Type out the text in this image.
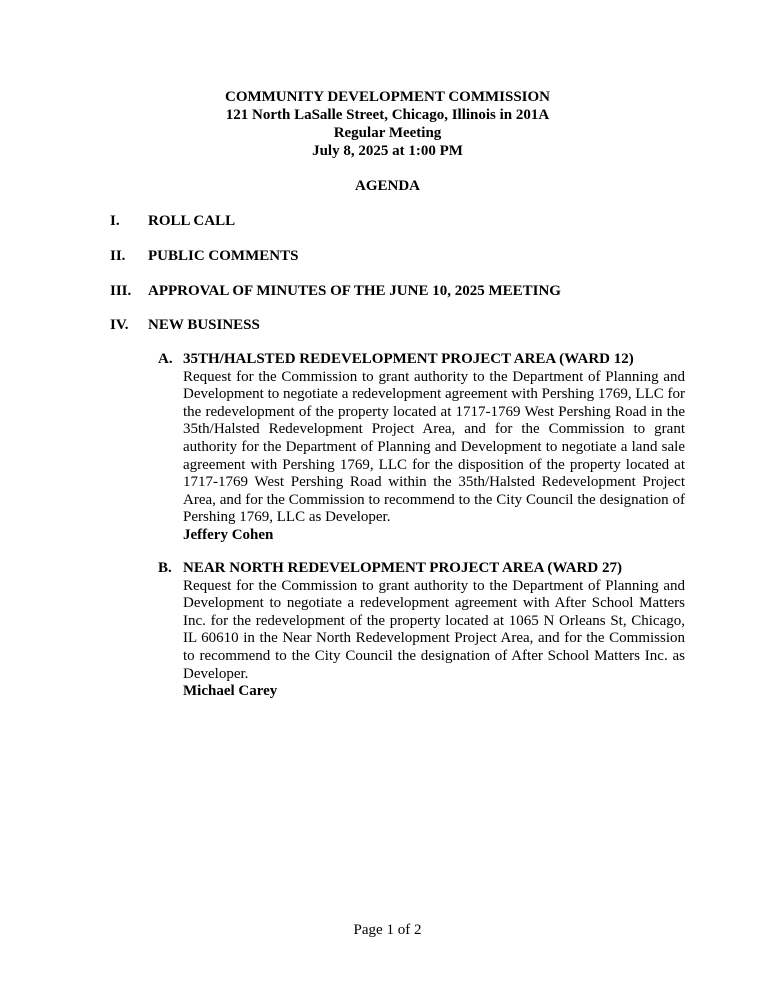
COMMUNITY DEVELOPMENT COMMISSION
121 North LaSalle Street, Chicago, Illinois in 201A
Regular Meeting
July 8, 2025 at 1:00 PM
AGENDA
I. ROLL CALL
II. PUBLIC COMMENTS
III. APPROVAL OF MINUTES OF THE JUNE 10, 2025 MEETING
IV. NEW BUSINESS
A. 35TH/HALSTED REDEVELOPMENT PROJECT AREA (WARD 12)
Request for the Commission to grant authority to the Department of Planning and Development to negotiate a redevelopment agreement with Pershing 1769, LLC for the redevelopment of the property located at 1717-1769 West Pershing Road in the 35th/Halsted Redevelopment Project Area, and for the Commission to grant authority for the Department of Planning and Development to negotiate a land sale agreement with Pershing 1769, LLC for the disposition of the property located at 1717-1769 West Pershing Road within the 35th/Halsted Redevelopment Project Area, and for the Commission to recommend to the City Council the designation of Pershing 1769, LLC as Developer.
Jeffery Cohen
B. NEAR NORTH REDEVELOPMENT PROJECT AREA (WARD 27)
Request for the Commission to grant authority to the Department of Planning and Development to negotiate a redevelopment agreement with After School Matters Inc. for the redevelopment of the property located at 1065 N Orleans St, Chicago, IL 60610 in the Near North Redevelopment Project Area, and for the Commission to recommend to the City Council the designation of After School Matters Inc. as Developer.
Michael Carey
Page 1 of 2
